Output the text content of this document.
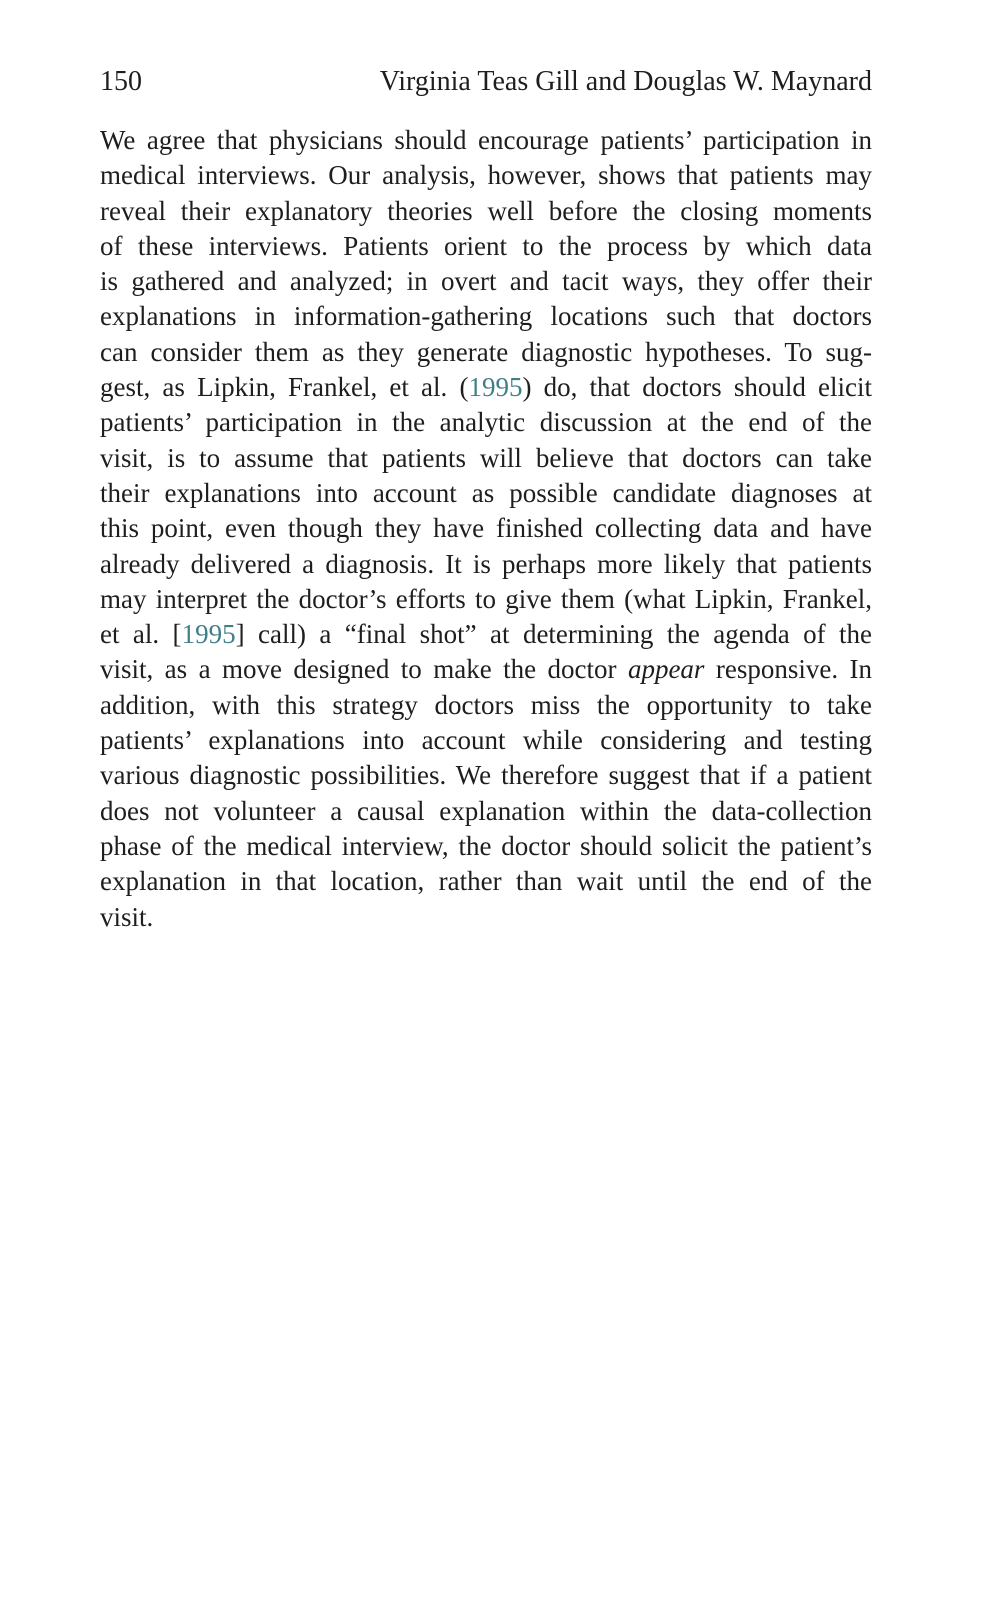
150	Virginia Teas Gill and Douglas W. Maynard
We agree that physicians should encourage patients’ participation in
medical interviews. Our analysis, however, shows that patients may
reveal their explanatory theories well before the closing moments
of these interviews. Patients orient to the process by which data
is gathered and analyzed; in overt and tacit ways, they offer their
explanations in information-gathering locations such that doctors
can consider them as they generate diagnostic hypotheses. To sug-
gest, as Lipkin, Frankel, et al. (1995) do, that doctors should elicit
patients’ participation in the analytic discussion at the end of the
visit, is to assume that patients will believe that doctors can take
their explanations into account as possible candidate diagnoses at
this point, even though they have finished collecting data and have
already delivered a diagnosis. It is perhaps more likely that patients
may interpret the doctor’s efforts to give them (what Lipkin, Frankel,
et al. [1995] call) a “final shot” at determining the agenda of the
visit, as a move designed to make the doctor appear responsive. In
addition, with this strategy doctors miss the opportunity to take
patients’ explanations into account while considering and testing
various diagnostic possibilities. We therefore suggest that if a patient
does not volunteer a causal explanation within the data-collection
phase of the medical interview, the doctor should solicit the patient’s
explanation in that location, rather than wait until the end of the
visit.
